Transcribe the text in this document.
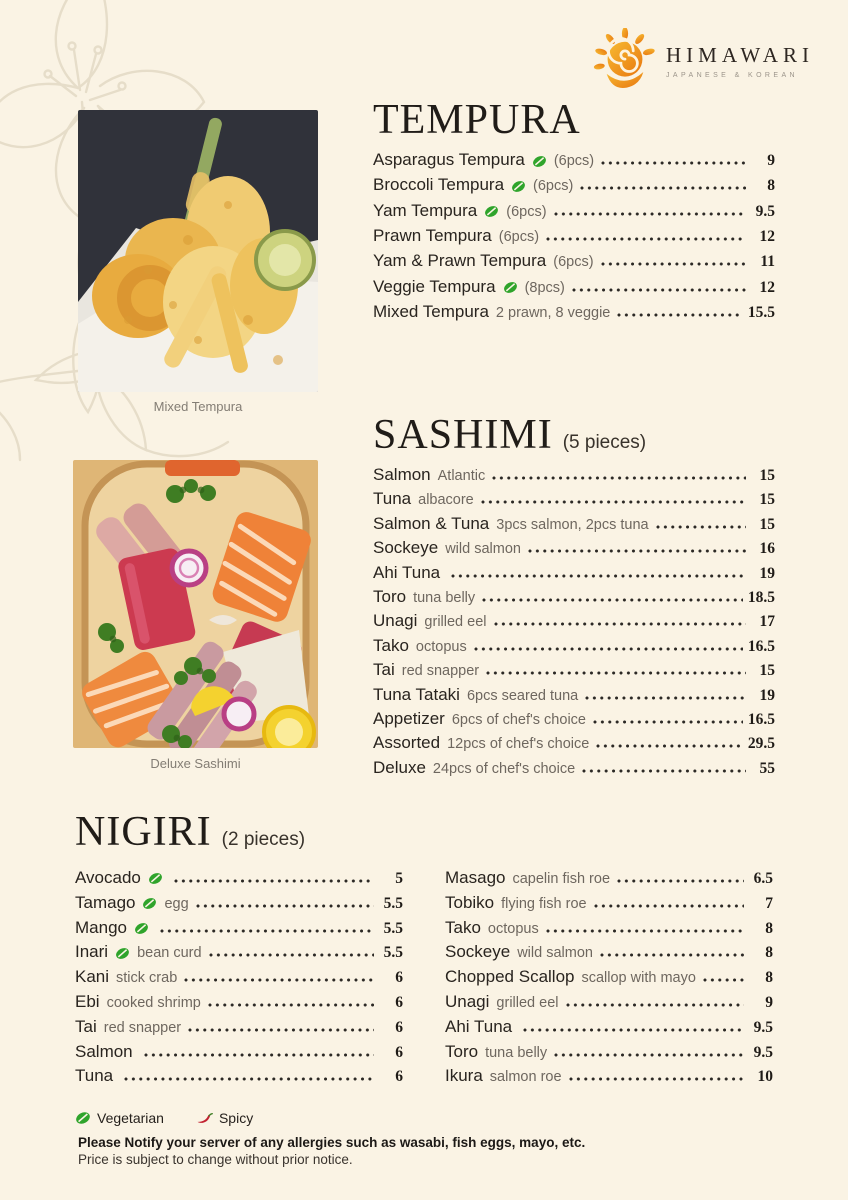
HIMAWARI
JAPANESE & KOREAN
Mixed Tempura
Deluxe Sashimi
TEMPURA
Asparagus Tempura (6pcs)	9
Broccoli Tempura (6pcs)	8
Yam Tempura (6pcs)	9.5
Prawn Tempura (6pcs)	12
Yam & Prawn Tempura (6pcs)	11
Veggie Tempura (8pcs)	12
Mixed Tempura 2 prawn, 8 veggie	15.5
SASHIMI (5 pieces)
Salmon Atlantic	15
Tuna albacore	15
Salmon & Tuna 3pcs salmon, 2pcs tuna	15
Sockeye wild salmon	16
Ahi Tuna	19
Toro tuna belly	18.5
Unagi grilled eel	17
Tako octopus	16.5
Tai red snapper	15
Tuna Tataki 6pcs seared tuna	19
Appetizer 6pcs of chef's choice	16.5
Assorted 12pcs of chef's choice	29.5
Deluxe 24pcs of chef's choice	55
NIGIRI (2 pieces)
Avocado	5
Tamago egg	5.5
Mango	5.5
Inari bean curd	5.5
Kani stick crab	6
Ebi cooked shrimp	6
Tai red snapper	6
Salmon	6
Tuna	6
Masago capelin fish roe	6.5
Tobiko flying fish roe	7
Tako octopus	8
Sockeye wild salmon	8
Chopped Scallop scallop with mayo	8
Unagi grilled eel	9
Ahi Tuna	9.5
Toro tuna belly	9.5
Ikura salmon roe	10
Vegetarian	Spicy
Please Notify your server of any allergies such as wasabi, fish eggs, mayo, etc.
Price is subject to change without prior notice.
